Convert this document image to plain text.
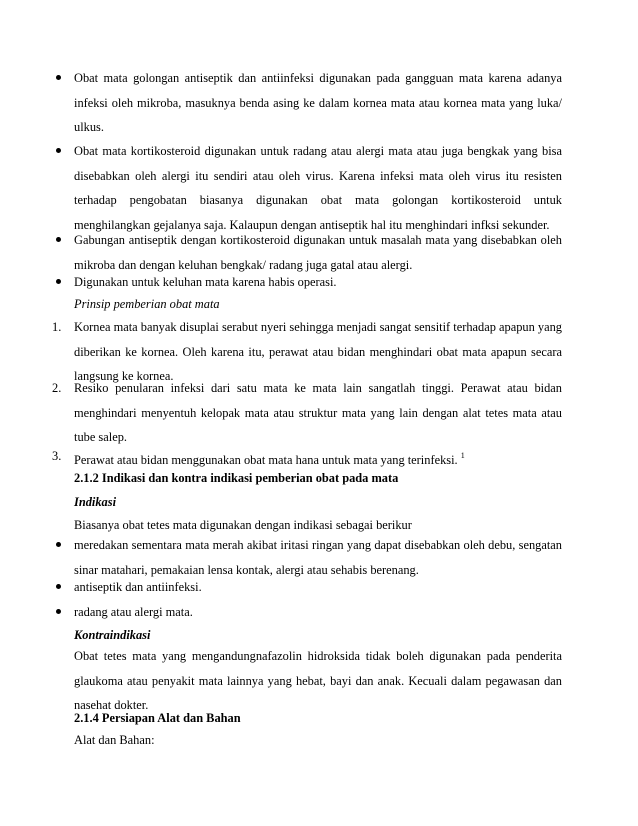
Obat mata golongan antiseptik dan antiinfeksi digunakan pada gangguan mata karena adanya infeksi oleh mikroba, masuknya benda asing ke dalam kornea mata atau kornea mata yang luka/ ulkus.
Obat mata kortikosteroid digunakan untuk radang atau alergi mata atau juga bengkak yang bisa disebabkan oleh alergi itu sendiri atau oleh virus. Karena infeksi mata oleh virus itu resisten terhadap pengobatan biasanya digunakan obat mata golongan kortikosteroid untuk menghilangkan gejalanya saja. Kalaupun dengan antiseptik hal itu menghindari infksi sekunder.
Gabungan antiseptik dengan kortikosteroid digunakan untuk masalah mata yang disebabkan oleh mikroba dan dengan keluhan bengkak/ radang juga gatal atau alergi.
Digunakan untuk keluhan mata karena habis operasi.
Prinsip pemberian obat mata
1. Kornea mata banyak disuplai serabut nyeri sehingga menjadi sangat sensitif terhadap apapun yang diberikan ke kornea. Oleh karena itu, perawat atau bidan menghindari obat mata apapun secara langsung ke kornea.
2. Resiko penularan infeksi dari satu mata ke mata lain sangatlah tinggi. Perawat atau bidan menghindari menyentuh kelopak mata atau struktur mata yang lain dengan alat tetes mata atau tube salep.
3. Perawat atau bidan menggunakan obat mata hana untuk mata yang terinfeksi. $^1$
2.1.2 Indikasi dan kontra indikasi pemberian obat pada mata
Indikasi
Biasanya obat tetes mata digunakan dengan indikasi sebagai berikur
meredakan sementara mata merah akibat iritasi ringan yang dapat disebabkan oleh debu, sengatan sinar matahari, pemakaian lensa kontak, alergi atau sehabis berenang.
antiseptik dan antiinfeksi.
radang atau alergi mata.
Kontraindikasi
Obat tetes mata yang mengandungnafazolin hidroksida tidak boleh digunakan pada penderita glaukoma atau penyakit mata lainnya yang hebat, bayi dan anak. Kecuali dalam pegawasan dan nasehat dokter.
2.1.4 Persiapan Alat dan Bahan
Alat dan Bahan:
